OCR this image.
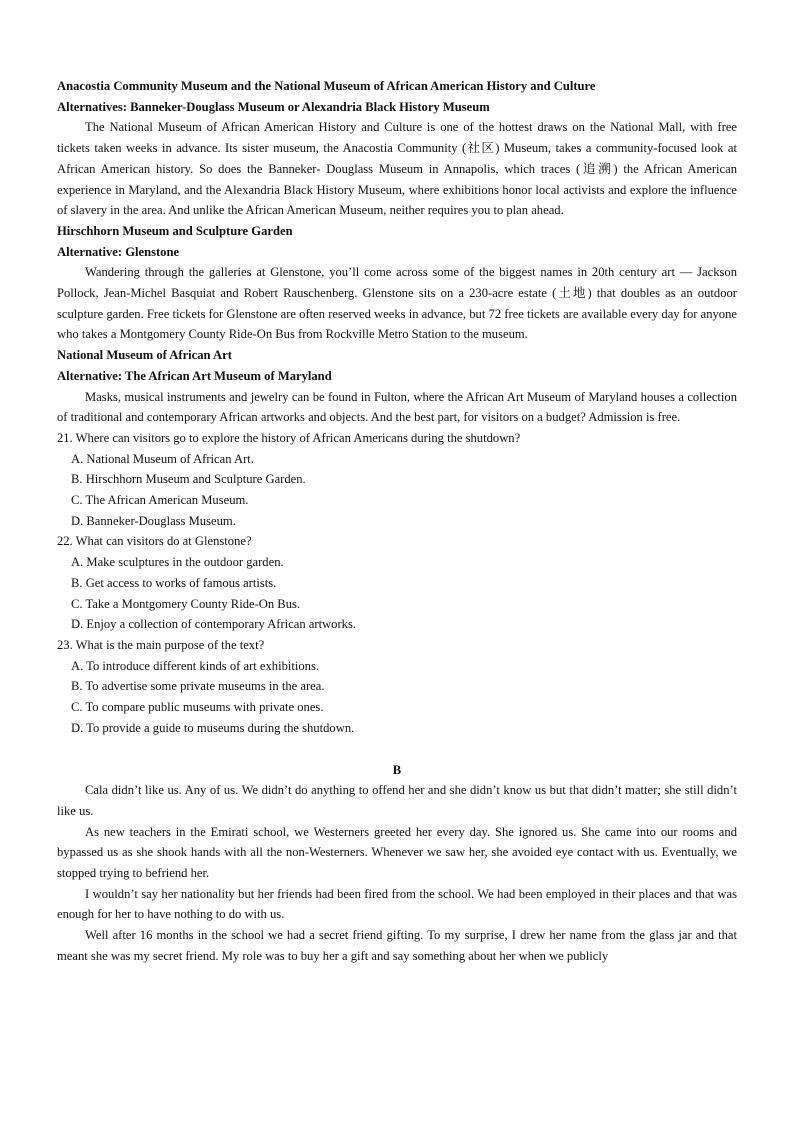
Anacostia Community Museum and the National Museum of African American History and Culture

Alternatives: Banneker-Douglass Museum or Alexandria Black History Museum

The National Museum of African American History and Culture is one of the hottest draws on the National Mall, with free tickets taken weeks in advance. Its sister museum, the Anacostia Community (社区) Museum, takes a community-focused look at African American history. So does the Banneker- Douglass Museum in Annapolis, which traces (追溯) the African American experience in Maryland, and the Alexandria Black History Museum, where exhibitions honor local activists and explore the influence of slavery in the area. And unlike the African American Museum, neither requires you to plan ahead.

Hirschhorn Museum and Sculpture Garden

Alternative: Glenstone

Wandering through the galleries at Glenstone, you’ll come across some of the biggest names in 20th century art — Jackson Pollock, Jean-Michel Basquiat and Robert Rauschenberg. Glenstone sits on a 230-acre estate (土地) that doubles as an outdoor sculpture garden. Free tickets for Glenstone are often reserved weeks in advance, but 72 free tickets are available every day for anyone who takes a Montgomery County Ride-On Bus from Rockville Metro Station to the museum.

National Museum of African Art

Alternative: The African Art Museum of Maryland

Masks, musical instruments and jewelry can be found in Fulton, where the African Art Museum of Maryland houses a collection of traditional and contemporary African artworks and objects. And the best part, for visitors on a budget? Admission is free.

21. Where can visitors go to explore the history of African Americans during the shutdown?

A. National Museum of African Art.

B. Hirschhorn Museum and Sculpture Garden.

C. The African American Museum.

D. Banneker-Douglass Museum.

22. What can visitors do at Glenstone?

A. Make sculptures in the outdoor garden.

B. Get access to works of famous artists.

C. Take a Montgomery County Ride-On Bus.

D. Enjoy a collection of contemporary African artworks.

23. What is the main purpose of the text?

A. To introduce different kinds of art exhibitions.

B. To advertise some private museums in the area.

C. To compare public museums with private ones.

D. To provide a guide to museums during the shutdown.

B

Cala didn’t like us. Any of us. We didn’t do anything to offend her and she didn’t know us but that didn’t matter; she still didn’t like us.

As new teachers in the Emirati school, we Westerners greeted her every day. She ignored us. She came into our rooms and bypassed us as she shook hands with all the non-Westerners. Whenever we saw her, she avoided eye contact with us. Eventually, we stopped trying to befriend her.

I wouldn’t say her nationality but her friends had been fired from the school. We had been employed in their places and that was enough for her to have nothing to do with us.

Well after 16 months in the school we had a secret friend gifting. To my surprise, I drew her name from the glass jar and that meant she was my secret friend. My role was to buy her a gift and say something about her when we publicly
